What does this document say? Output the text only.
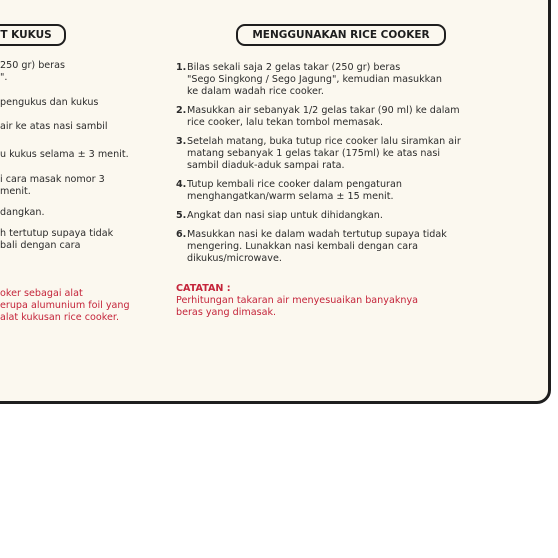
T KUKUS	MENGGUNAKAN RICE COOKER
250 gr) beras
".
pengukus dan kukus
air ke atas nasi sambil
u kukus selama ± 3 menit.
i cara masak nomor 3
menit.
dangkan.
h tertutup supaya tidak
bali dengan cara
oker sebagai alat
erupa alumunium foil yang
alat kukusan rice cooker.
1. Bilas sekali saja 2 gelas takar (250 gr) beras
"Sego Singkong / Sego Jagung", kemudian masukkan
ke dalam wadah rice cooker.
2. Masukkan air sebanyak 1/2 gelas takar (90 ml) ke dalam
rice cooker, lalu tekan tombol memasak.
3. Setelah matang, buka tutup rice cooker lalu siramkan air
matang sebanyak 1 gelas takar (175ml) ke atas nasi
sambil diaduk-aduk sampai rata.
4. Tutup kembali rice cooker dalam pengaturan
menghangatkan/warm selama ± 15 menit.
5. Angkat dan nasi siap untuk dihidangkan.
6. Masukkan nasi ke dalam wadah tertutup supaya tidak
mengering. Lunakkan nasi kembali dengan cara
dikukus/microwave.
CATATAN :
Perhitungan takaran air menyesuaikan banyaknya
beras yang dimasak.
